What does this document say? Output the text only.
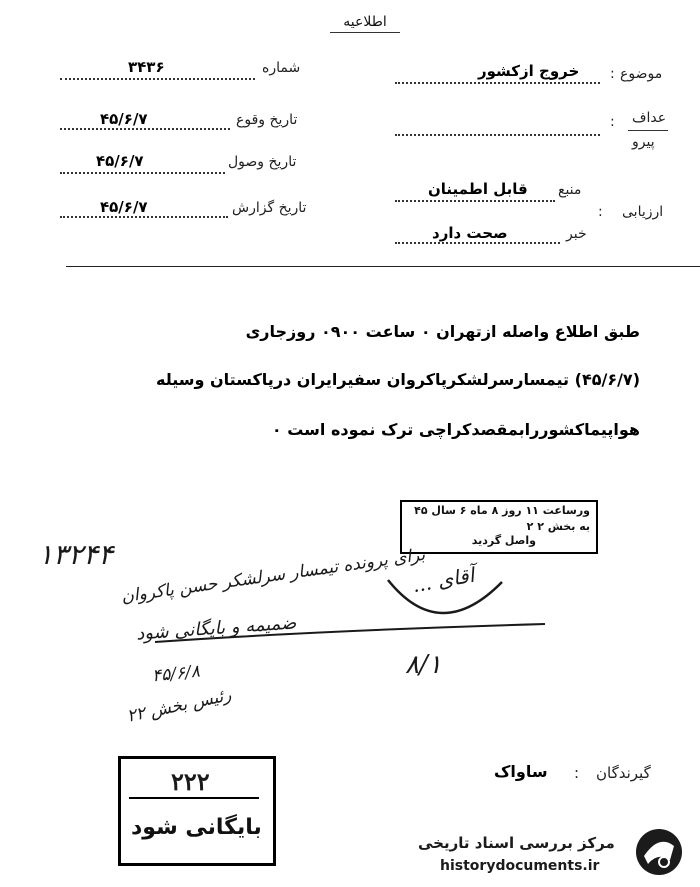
اطلاعیه
شماره
۳۴۳۶
تاریخ وقوع
۴۵/۶/۷
تاریخ وصول
۴۵/۶/۷
تاریخ گزارش
۴۵/۶/۷
موضوع
:
خروج ازکشور
عداف
:
پیرو
ارزیابی
:
منبع
قابل اطمینان
خبر
صحت دارد
طبق اطلاع واصله ازتهران ۰ ساعت ۰۹۰۰ روزجاری
(۴۵/۶/۷) تیمسارسرلشکرپاکروان سفیرایران درپاکستان وسیله
هواپیماکشوررابمقصدکراچی ترک نموده است ۰
ورساعت ۱۱ روز ۸ ماه ۶ سال ۴۵
به بخش ۲ ۲
واصل گردید
۱۳۲۴۴ برای پرونده تیمسار سرلشکر حسن پاکروان
آقای ...
ضمیمه و بایگانی شود
۸/۱
۴۵/۶/۸
رئیس بخش ۲۲
گیرندگان
:
ساواک
۲۲۲
بایگانی شود
مرکز بررسی اسناد تاریخی
historydocuments.ir
